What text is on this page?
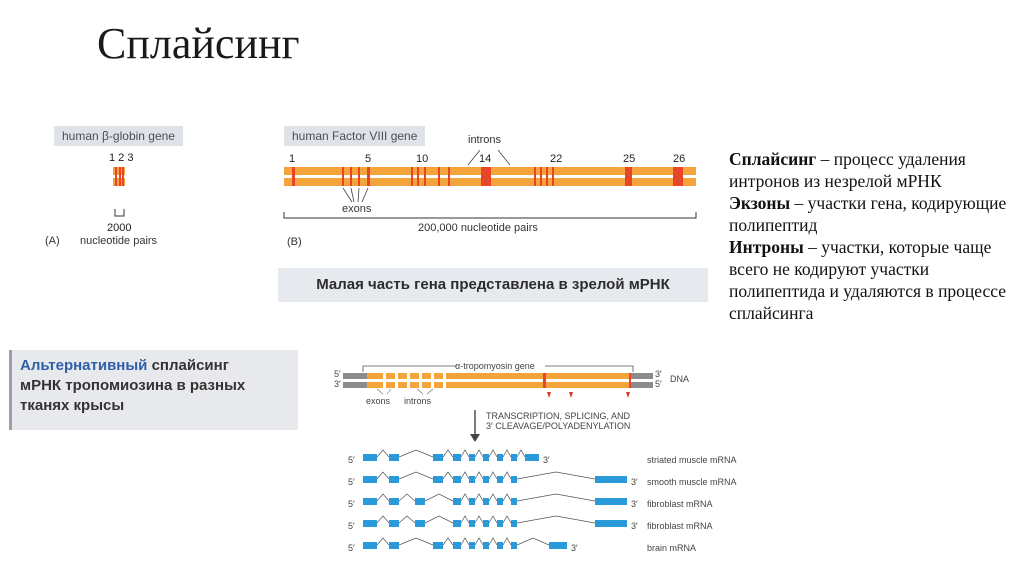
Сплайсинг
human β-globin gene
1 2 3
2000
nucleotide pairs
(A)
human Factor VIII gene	introns
1	5	10	14	22	25	26
exons
200,000 nucleotide pairs
(B)
Малая часть гена представлена в зрелой мРНК
Альтернативный сплайсинг
мРНК тропомиозина в разных
тканях крысы
α-tropomyosin gene
5′
3′
3′
5′ DNA
exons introns
TRANSCRIPTION, SPLICING, AND
3′ CLEAVAGE/POLYADENYLATION
5′	3′	striated muscle mRNA
5′	3′ smooth muscle mRNA
5′	3′ fibroblast mRNA
5′	3′ fibroblast mRNA
5′	3′	brain mRNA

Сплайсинг – процесс удаления интронов из незрелой мРНК

Экзоны – участки гена, кодирующие полипептид

Интроны – участки, которые чаще всего не кодируют участки полипептида и удаляются в процессе сплайсинга
